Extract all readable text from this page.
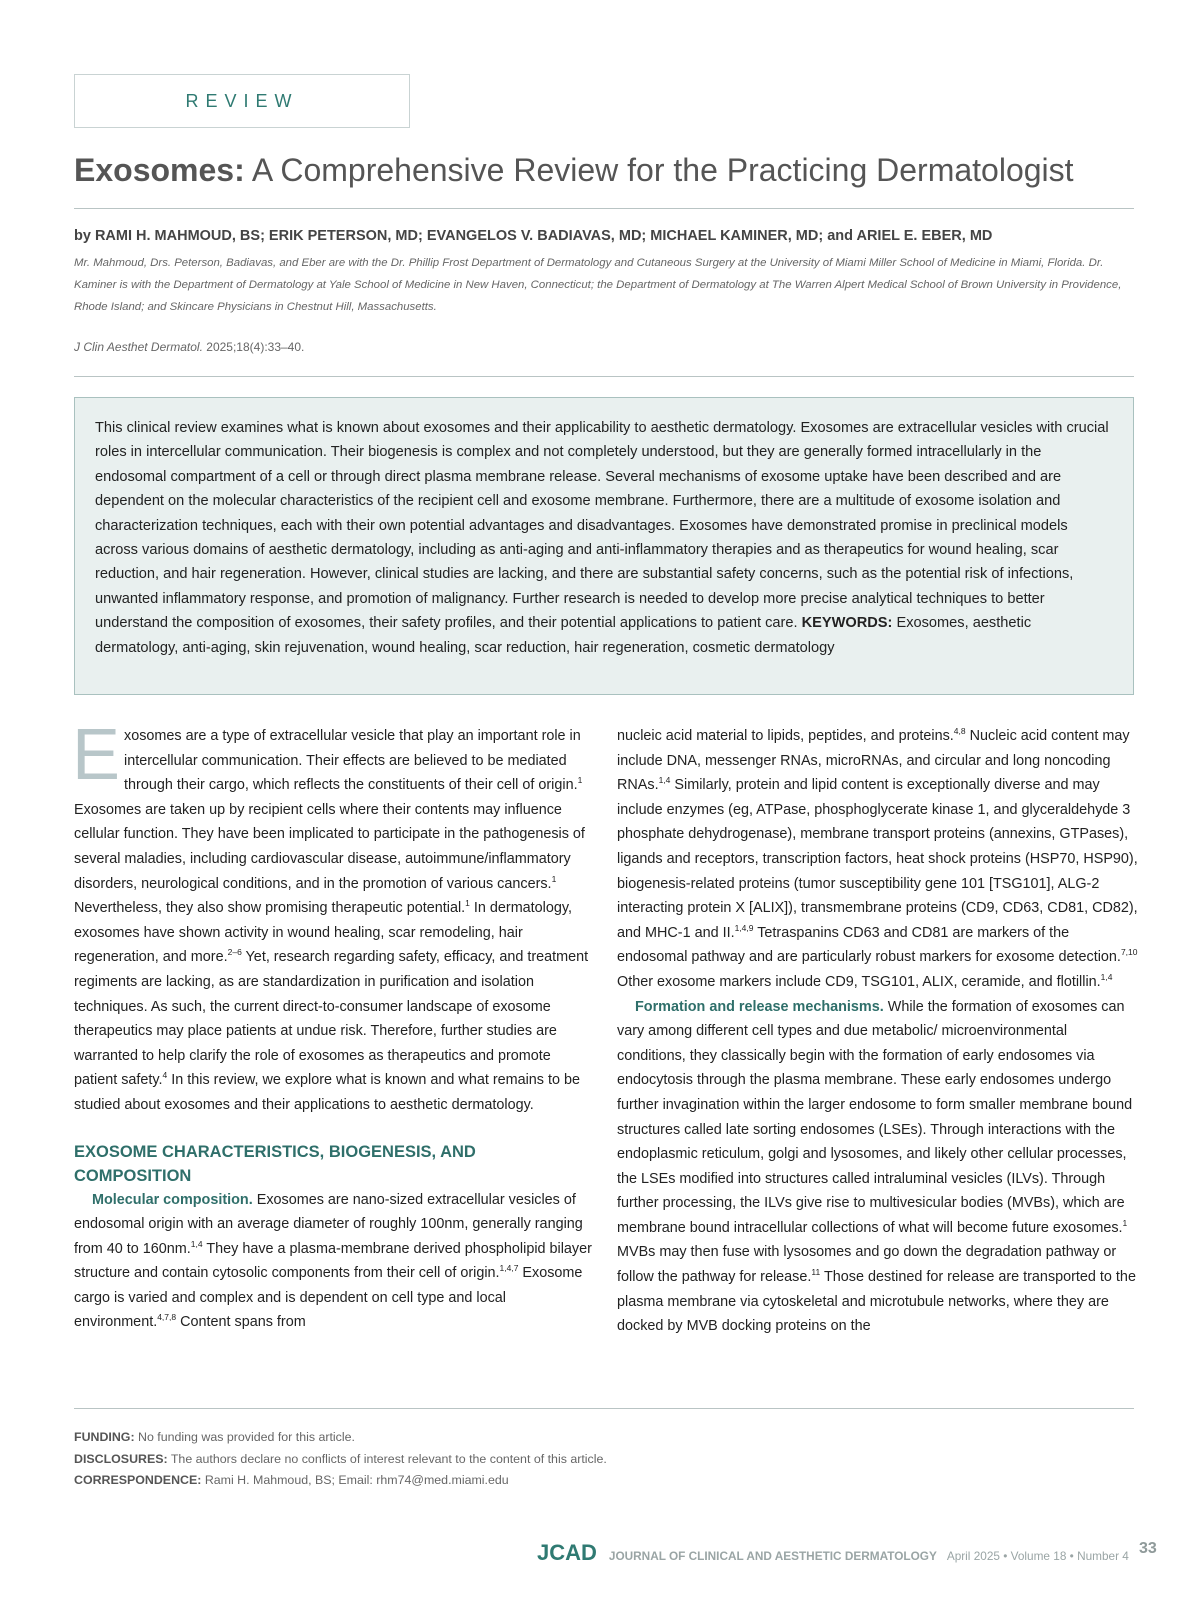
REVIEW
Exosomes: A Comprehensive Review for the Practicing Dermatologist
by RAMI H. MAHMOUD, BS; ERIK PETERSON, MD; EVANGELOS V. BADIAVAS, MD; MICHAEL KAMINER, MD; and ARIEL E. EBER, MD
Mr. Mahmoud, Drs. Peterson, Badiavas, and Eber are with the Dr. Phillip Frost Department of Dermatology and Cutaneous Surgery at the University of Miami Miller School of Medicine in Miami, Florida. Dr. Kaminer is with the Department of Dermatology at Yale School of Medicine in New Haven, Connecticut; the Department of Dermatology at The Warren Alpert Medical School of Brown University in Providence, Rhode Island; and Skincare Physicians in Chestnut Hill, Massachusetts.
J Clin Aesthet Dermatol. 2025;18(4):33–40.
This clinical review examines what is known about exosomes and their applicability to aesthetic dermatology. Exosomes are extracellular vesicles with crucial roles in intercellular communication. Their biogenesis is complex and not completely understood, but they are generally formed intracellularly in the endosomal compartment of a cell or through direct plasma membrane release. Several mechanisms of exosome uptake have been described and are dependent on the molecular characteristics of the recipient cell and exosome membrane. Furthermore, there are a multitude of exosome isolation and characterization techniques, each with their own potential advantages and disadvantages. Exosomes have demonstrated promise in preclinical models across various domains of aesthetic dermatology, including as anti-aging and anti-inflammatory therapies and as therapeutics for wound healing, scar reduction, and hair regeneration. However, clinical studies are lacking, and there are substantial safety concerns, such as the potential risk of infections, unwanted inflammatory response, and promotion of malignancy. Further research is needed to develop more precise analytical techniques to better understand the composition of exosomes, their safety profiles, and their potential applications to patient care. KEYWORDS: Exosomes, aesthetic dermatology, anti-aging, skin rejuvenation, wound healing, scar reduction, hair regeneration, cosmetic dermatology

Exosomes are a type of extracellular vesicle that play an important role in intercellular communication. Their effects are believed to be mediated through their cargo, which reflects the constituents of their cell of origin.$^1$ Exosomes are taken up by recipient cells where their contents may influence cellular function. They have been implicated to participate in the pathogenesis of several maladies, including cardiovascular disease, autoimmune/inflammatory disorders, neurological conditions, and in the promotion of various cancers.$^1$ Nevertheless, they also show promising therapeutic potential.$^1$ In dermatology, exosomes have shown activity in wound healing, scar remodeling, hair regeneration, and more.$^{2-6}$ Yet, research regarding safety, efficacy, and treatment regiments are lacking, as are standardization in purification and isolation techniques. As such, the current direct-to-consumer landscape of exosome therapeutics may place patients at undue risk. Therefore, further studies are warranted to help clarify the role of exosomes as therapeutics and promote patient safety.$^4$ In this review, we explore what is known and what remains to be studied about exosomes and their applications to aesthetic dermatology.

EXOSOME CHARACTERISTICS, BIOGENESIS, AND COMPOSITION

Molecular composition. Exosomes are nano-sized extracellular vesicles of endosomal origin with an average diameter of roughly 100nm, generally ranging from 40 to 160nm.$^{1,4}$ They have a plasma-membrane derived phospholipid bilayer structure and contain cytosolic components from their cell of origin.$^{1,4,7}$ Exosome cargo is varied and complex and is dependent on cell type and local environment.$^{4,7,8}$ Content spans from

nucleic acid material to lipids, peptides, and proteins.$^{4,8}$ Nucleic acid content may include DNA, messenger RNAs, microRNAs, and circular and long noncoding RNAs.$^{1,4}$ Similarly, protein and lipid content is exceptionally diverse and may include enzymes (eg, ATPase, phosphoglycerate kinase 1, and glyceraldehyde 3 phosphate dehydrogenase), membrane transport proteins (annexins, GTPases), ligands and receptors, transcription factors, heat shock proteins (HSP70, HSP90), biogenesis-related proteins (tumor susceptibility gene 101 [TSG101], ALG-2 interacting protein X [ALIX]), transmembrane proteins (CD9, CD63, CD81, CD82), and MHC-1 and II.$^{1,4,9}$ Tetraspanins CD63 and CD81 are markers of the endosomal pathway and are particularly robust markers for exosome detection.$^{7,10}$ Other exosome markers include CD9, TSG101, ALIX, ceramide, and flotillin.$^{1,4}$

Formation and release mechanisms. While the formation of exosomes can vary among different cell types and due metabolic/ microenvironmental conditions, they classically begin with the formation of early endosomes via endocytosis through the plasma membrane. These early endosomes undergo further invagination within the larger endosome to form smaller membrane bound structures called late sorting endosomes (LSEs). Through interactions with the endoplasmic reticulum, golgi and lysosomes, and likely other cellular processes, the LSEs modified into structures called intraluminal vesicles (ILVs). Through further processing, the ILVs give rise to multivesicular bodies (MVBs), which are membrane bound intracellular collections of what will become future exosomes.$^1$ MVBs may then fuse with lysosomes and go down the degradation pathway or follow the pathway for release.$^{11}$ Those destined for release are transported to the plasma membrane via cytoskeletal and microtubule networks, where they are docked by MVB docking proteins on the

FUNDING: No funding was provided for this article.
DISCLOSURES: The authors declare no conflicts of interest relevant to the content of this article.
CORRESPONDENCE: Rami H. Mahmoud, BS; Email: rhm74@med.miami.edu
JCAD JOURNAL OF CLINICAL AND AESTHETIC DERMATOLOGY April 2025 • Volume 18 • Number 4 33
